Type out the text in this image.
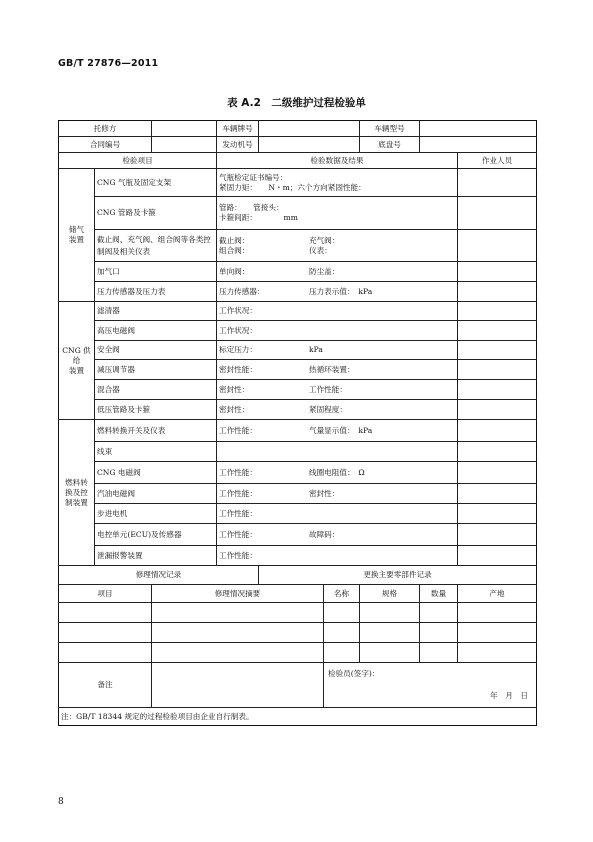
GB/T 27876—2011
表 A.2　二级维护过程检验单
托修方			车辆牌号			车辆型号		
合同编号			发动机号			底盘号		
检验项目			检验数据及结果					作业人员

储气
装置	CNG 气瓶及固定支架		气瓶检定证书编号：
紧固力矩：　　N・m；六个方向紧固性能：					

	CNG 管路及卡箍		管路：　　管接头：
卡箍间距：　　　　mm					

	截止阀、充气阀、组合阀等各类控制阀及相关仪表		截止阀： 充气阀：
组合阀： 仪表：					

	加气口		单向阀： 防尘盖：					

	压力传感器及压力表		压力传感器： 压力表示值：　kPa					

CNG 供给
装置	滤清器		工作状况：					
	高压电磁阀		工作状况：					
	安全阀		标定压力： kPa					

	减压调节器		密封性能： 热循环装置：					

	混合器		密封性： 工作性能：					

	低压管路及卡箍		密封性： 紧固程度：					

燃料转
换及控
制装置	燃料转换开关及仪表		工作性能： 气量显示值：　kPa					

	线束							
	CNG 电磁阀		工作性能： 线圈电阻值：　Ω					

	汽油电磁阀		工作性能： 密封性：					

	步进电机		工作性能：					
	电控单元(ECU)及传感器		工作性能： 故障码：					

	泄漏报警装置		工作性能：					
修理情况记录				更换主要零部件记录				
项目		修理情况摘要			名称	规格	数量	产地

备注					检验员(签字)：
年　月　日			

注：GB/T 18344 规定的过程检验项目由企业自行制表。								
8
